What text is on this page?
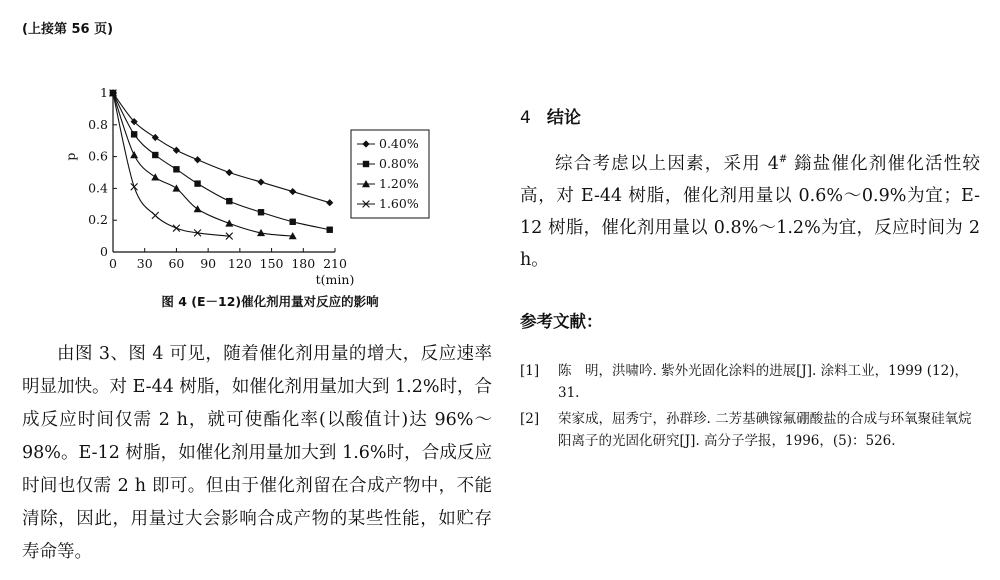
(上接第 56 页)
0 30 60 90 120 150 180 210
0
0.2
0.4
0.6
0.8
1
p
t(min)
0.40%
0.80%
1.20%
1.60%
图 4 (E－12)催化剂用量对反应的影响

由图 3、图 4 可见，随着催化剂用量的增大，反应速率明显加快。对 E-44 树脂，如催化剂用量加大到 1.2%时，合成反应时间仅需 2 h，就可使酯化率(以酸值计)达 96%～98%。E-12 树脂，如催化剂用量加大到 1.6%时，合成反应时间也仅需 2 h 即可。但由于催化剂留在合成产物中，不能清除，因此，用量过大会影响合成产物的某些性能，如贮存寿命等。

4 结论

综合考虑以上因素，采用 4# 鎓盐催化剂催化活性较高，对 E-44 树脂，催化剂用量以 0.6%～0.9%为宜；E-12 树脂，催化剂用量以 0.8%～1.2%为宜，反应时间为 2 h。

参考文献：
[1] 陈　明，洪啸吟. 紫外光固化涂料的进展[J]. 涂料工业，1999 (12)，31.
[2] 荣家成，屈秀宁，孙群珍. 二芳基碘镓氟硼酸盐的合成与环氧聚硅氧烷阳离子的光固化研究[J]. 高分子学报，1996，(5)：526.
